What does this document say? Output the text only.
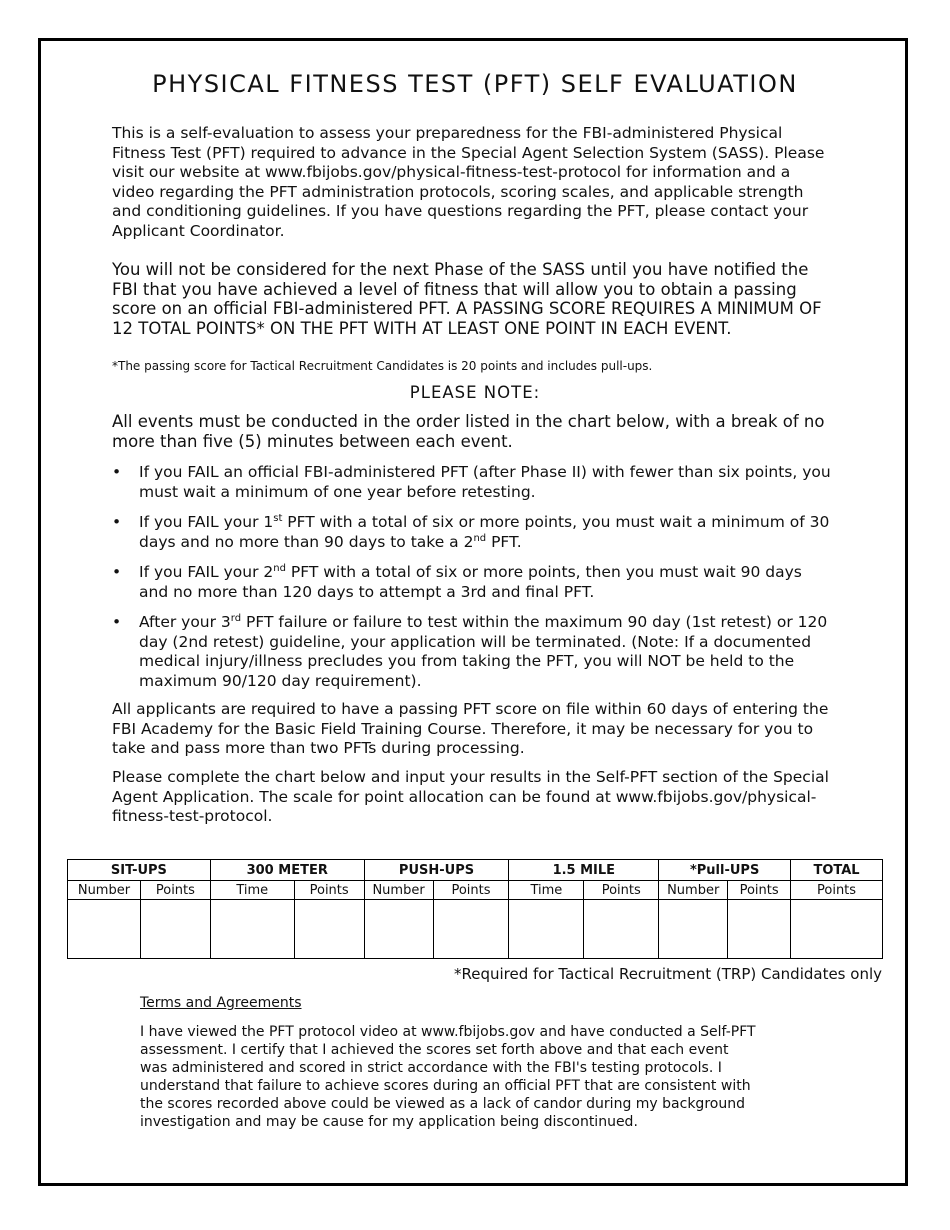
PHYSICAL FITNESS TEST (PFT) SELF EVALUATION
This is a self-evaluation to assess your preparedness for the FBI-administered Physical Fitness Test (PFT) required to advance in the Special Agent Selection System (SASS). Please visit our website at www.fbijobs.gov/physical-fitness-test-protocol for information and a video regarding the PFT administration protocols, scoring scales, and applicable strength and conditioning guidelines. If you have questions regarding the PFT, please contact your Applicant Coordinator.
You will not be considered for the next Phase of the SASS until you have notified the FBI that you have achieved a level of fitness that will allow you to obtain a passing score on an official FBI-administered PFT. A PASSING SCORE REQUIRES A MINIMUM OF 12 TOTAL POINTS* ON THE PFT WITH AT LEAST ONE POINT IN EACH EVENT.
*The passing score for Tactical Recruitment Candidates is 20 points and includes pull-ups.
PLEASE NOTE:
All events must be conducted in the order listed in the chart below, with a break of no more than five (5) minutes between each event.
• If you FAIL an official FBI-administered PFT (after Phase II) with fewer than six points, you must wait a minimum of one year before retesting.
• If you FAIL your 1st PFT with a total of six or more points, you must wait a minimum of 30 days and no more than 90 days to take a 2nd PFT.
• If you FAIL your 2nd PFT with a total of six or more points, then you must wait 90 days and no more than 120 days to attempt a 3rd and final PFT.
• After your 3rd PFT failure or failure to test within the maximum 90 day (1st retest) or 120 day (2nd retest) guideline, your application will be terminated. (Note: If a documented medical injury/illness precludes you from taking the PFT, you will NOT be held to the maximum 90/120 day requirement).
All applicants are required to have a passing PFT score on file within 60 days of entering the FBI Academy for the Basic Field Training Course. Therefore, it may be necessary for you to take and pass more than two PFTs during processing.
Please complete the chart below and input your results in the Self-PFT section of the Special Agent Application. The scale for point allocation can be found at www.fbijobs.gov/physical-fitness-test-protocol.
SIT-UPS		300 METER		PUSH-UPS		1.5 MILE		*Pull-UPS		TOTAL
Number	Points	Time	Points	Number	Points	Time	Points	Number	Points	Points

*Required for Tactical Recruitment (TRP) Candidates only
Terms and Agreements
I have viewed the PFT protocol video at www.fbijobs.gov and have conducted a Self-PFT assessment. I certify that I achieved the scores set forth above and that each event was administered and scored in strict accordance with the FBI's testing protocols. I understand that failure to achieve scores during an official PFT that are consistent with the scores recorded above could be viewed as a lack of candor during my background investigation and may be cause for my application being discontinued.
